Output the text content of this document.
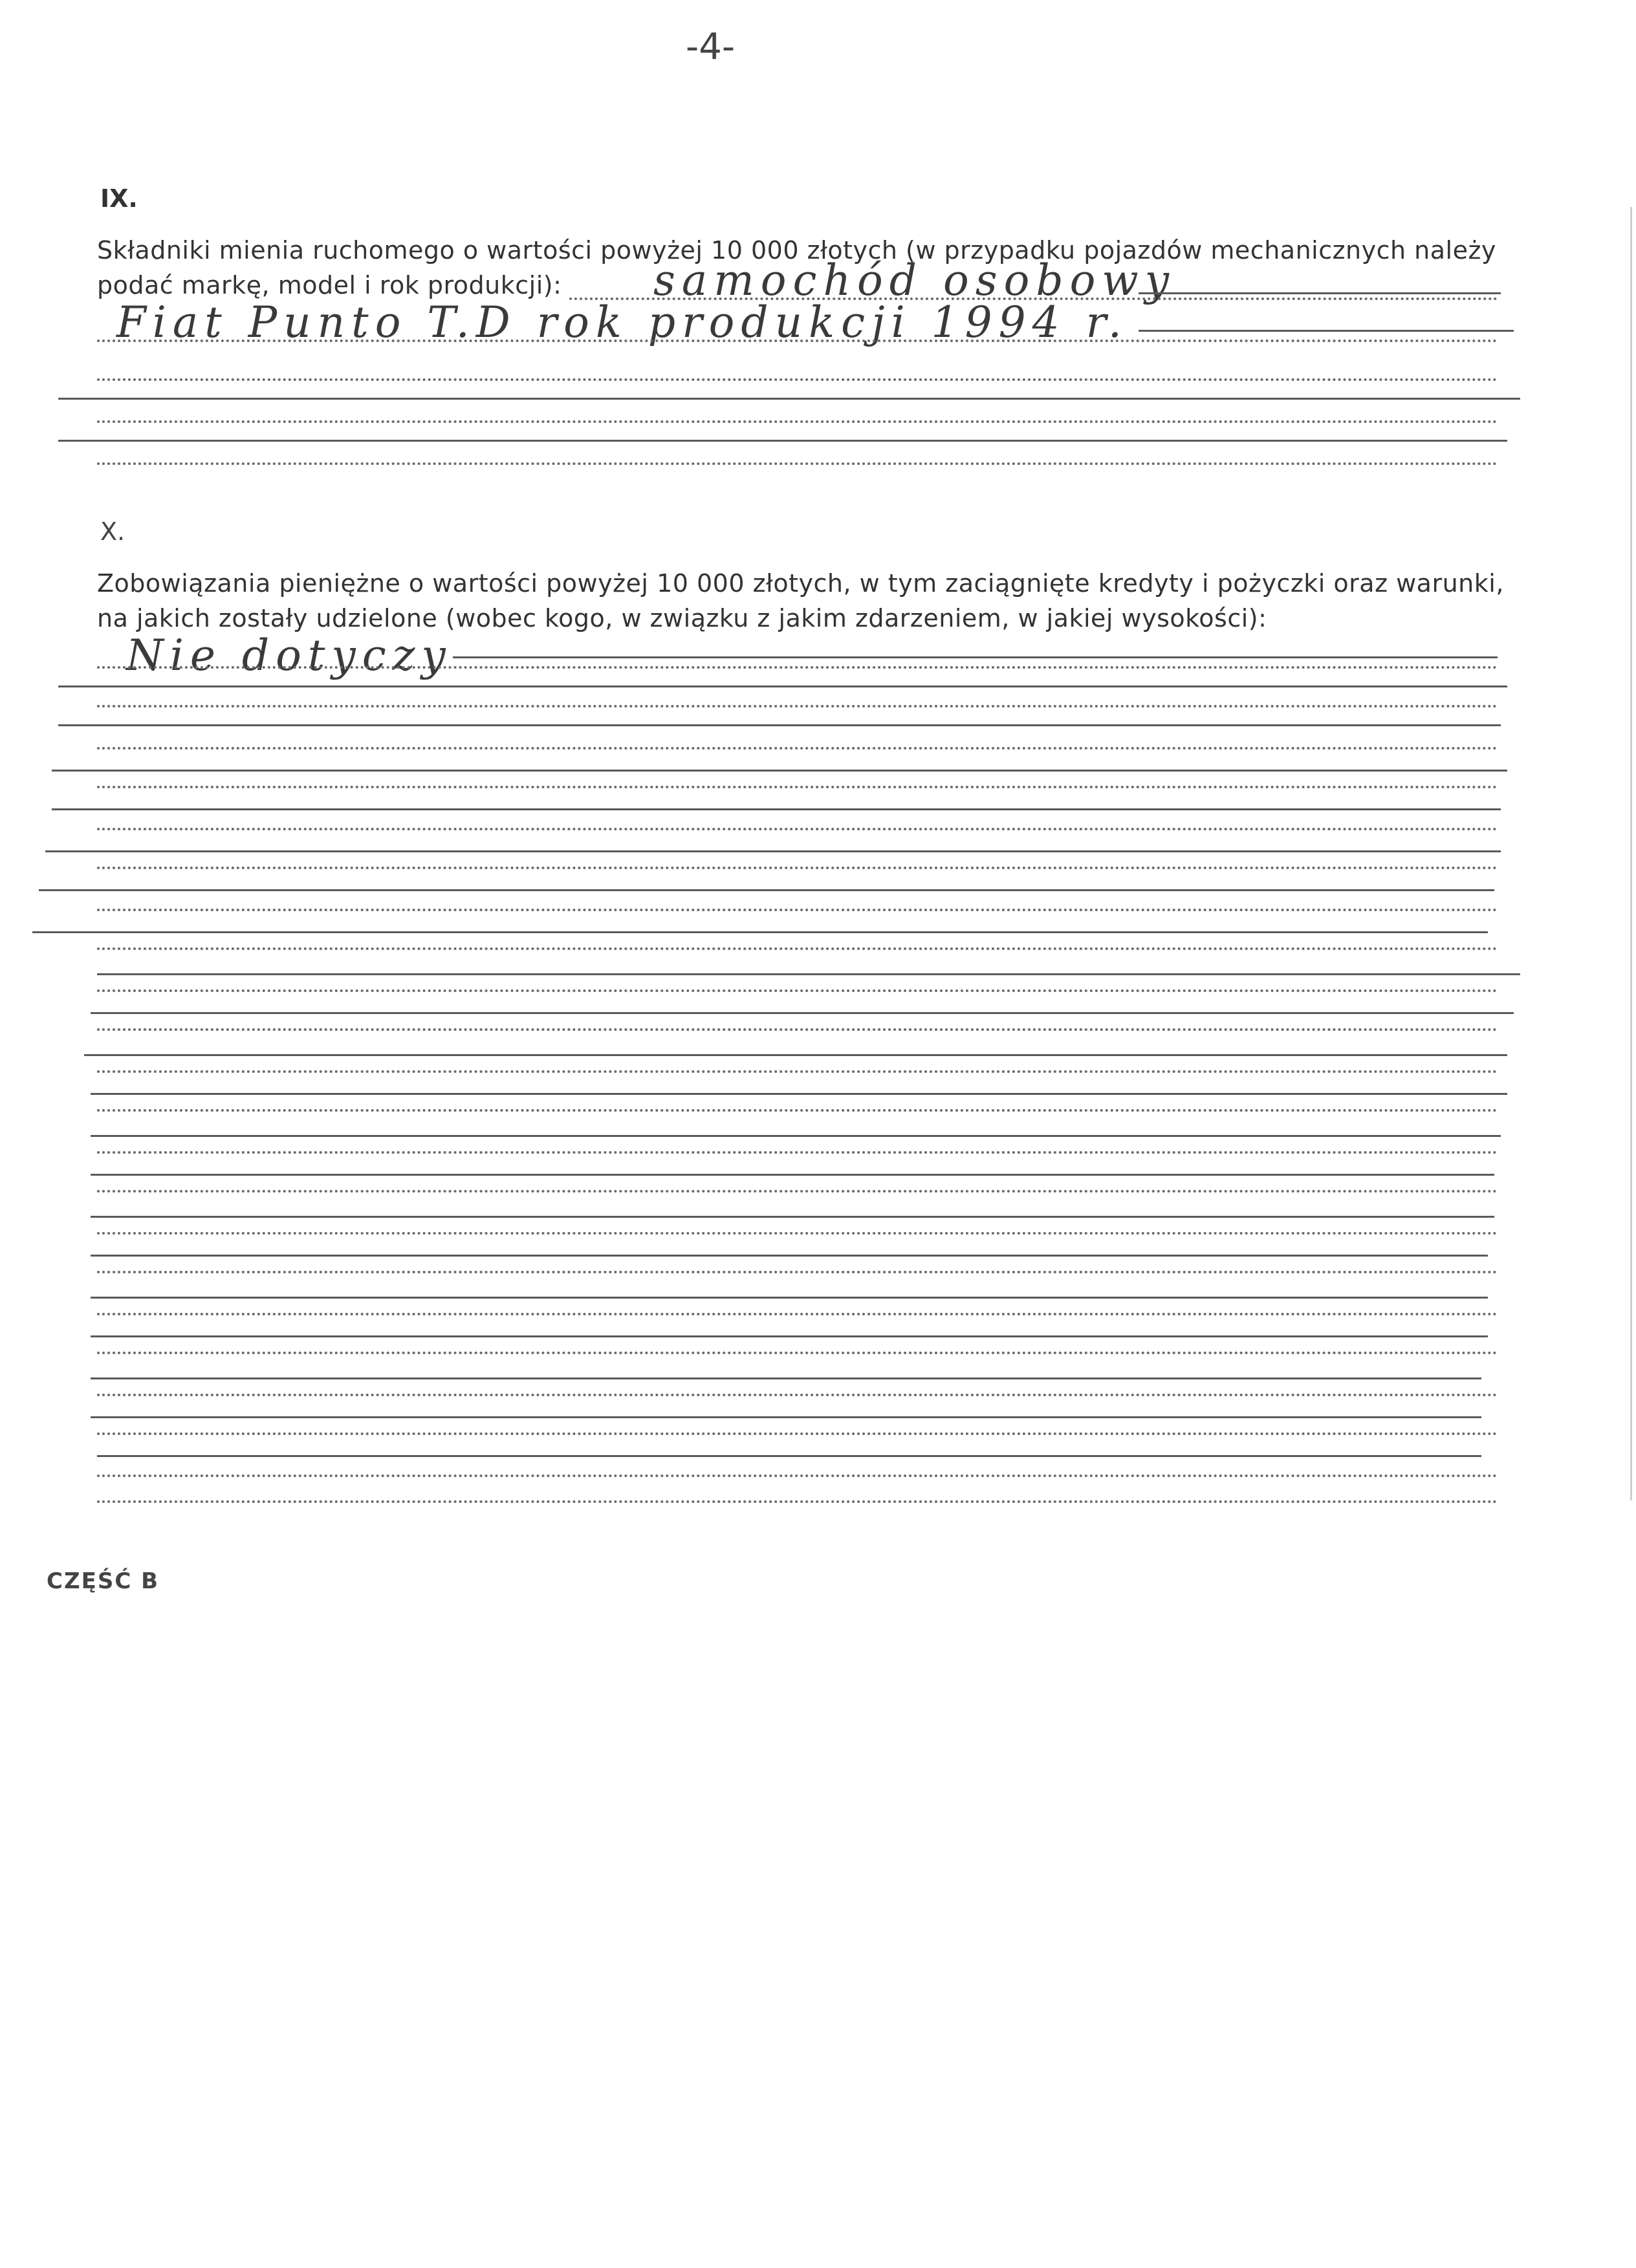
-4-
IX.

Składniki mienia ruchomego o wartości powyżej 10 000 złotych (w przypadku pojazdów mechanicznych należy podać markę, model i rok produkcji):	samochód osobowy
Fiat Punto T.D rok produkcji 1994 r.
X.

Zobowiązania pieniężne o wartości powyżej 10 000 złotych, w tym zaciągnięte kredyty i pożyczki oraz warunki, na jakich zostały udzielone (wobec kogo, w związku z jakim zdarzeniem, w jakiej wysokości):

Nie dotyczy
CZĘŚĆ B
